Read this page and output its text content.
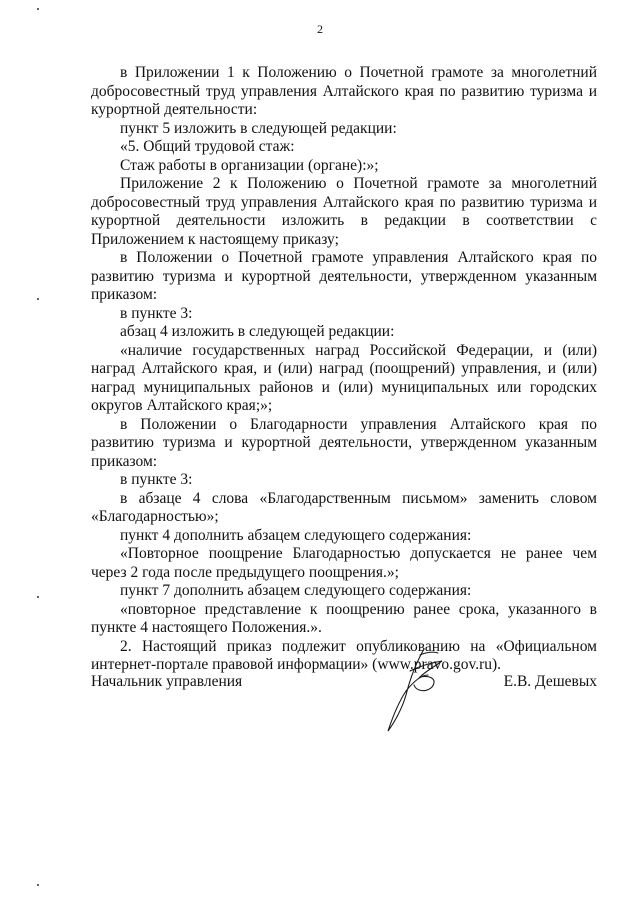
2

в Приложении 1 к Положению о Почетной грамоте за многолетний добросовестный труд управления Алтайского края по развитию туризма и курортной деятельности:

пункт 5 изложить в следующей редакции:

«5. Общий трудовой стаж:

Стаж работы в организации (органе):»;

Приложение 2 к Положению о Почетной грамоте за многолетний добросовестный труд управления Алтайского края по развитию туризма и курортной деятельности изложить в редакции в соответствии с Приложением к настоящему приказу;

в Положении о Почетной грамоте управления Алтайского края по развитию туризма и курортной деятельности, утвержденном указанным приказом:

в пункте 3:

абзац 4 изложить в следующей редакции:

«наличие государственных наград Российской Федерации, и (или) наград Алтайского края, и (или) наград (поощрений) управления, и (или) наград муниципальных районов и (или) муниципальных или городских округов Алтайского края;»;

в Положении о Благодарности управления Алтайского края по развитию туризма и курортной деятельности, утвержденном указанным приказом:

в пункте 3:

в абзаце 4 слова «Благодарственным письмом» заменить словом «Благодарностью»;

пункт 4 дополнить абзацем следующего содержания:

«Повторное поощрение Благодарностью допускается не ранее чем через 2 года после предыдущего поощрения.»;

пункт 7 дополнить абзацем следующего содержания:

«повторное представление к поощрению ранее срока, указанного в пункте 4 настоящего Положения.».

2. Настоящий приказ подлежит опубликованию на «Официальном интернет-портале правовой информации» (www.pravo.gov.ru).

Начальник управления	Е.В. Дешевых
